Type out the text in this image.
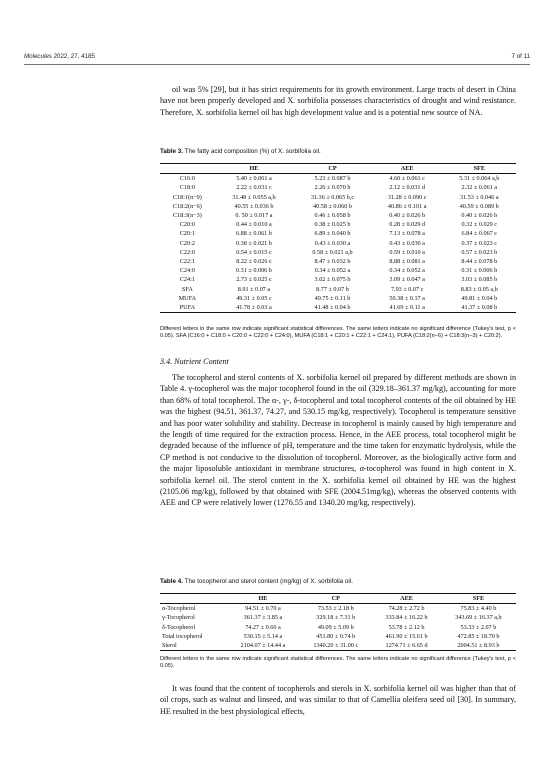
Molecules 2022, 27, 4185	7 of 11
oil was 5% [29], but it has strict requirements for its growth environment. Large tracts of desert in China have not been properly developed and X. sorbifolia possesses characteristics of drought and wind resistance. Therefore, X. sorbifolia kernel oil has high development value and is a potential new source of NA.
Table 3. The fatty acid composition (%) of X. sorbifolia oil.
	HE	CP	AEE	SFE
C16:0	5.40 ± 0.061 a	5.23 ± 0.087 b	4.60 ± 0.061 c	5.31 ± 0.064 a,b
C18:0	2.22 ± 0.031 c	2.26 ± 0.070 b	2.12 ± 0.031 d	2.32 ± 0.061 a
C18:1(n−9)	31.48 ± 0.055 a,b	31.36 ± 0.065 b,c	31.28 ± 0.090 c	31.53 ± 0.046 a
C18:2(n−6)	40.55 ± 0.036 b	40.58 ± 0.060 b	40.86 ± 0.101 a	40.59 ± 0.089 b
C18:3(n−3)	0. 50 ± 0.017 a	0.46 ± 0.058 b	0.40 ± 0.026 b	0.40 ± 0.026 b
C20:0	0.44 ± 0.010 a	0.38 ± 0.025 b	0.28 ± 0.029 d	0.32 ± 0.029 c
C20:1	6.88 ± 0.061 b	6.89 ± 0.040 b	7.13 ± 0.078 a	6.84 ± 0.067 c
C20:2	0.38 ± 0.021 b	0.43 ± 0.030 a	0.43 ± 0.030 a	0.37 ± 0.023 c
C22:0	0.54 ± 0.015 c	0.58 ± 0.021 a,b	0.59 ± 0.010 a	0.57 ± 0.023 b
C22:1	8.22 ± 0.026 c	8.47 ± 0.032 b	8.88 ± 0.081 a	8.44 ± 0.078 b
C24:0	0.31 ± 0.006 b	0.34 ± 0.052 a	0.34 ± 0.052 a	0.31 ± 0.006 b
C24:1	2.73 ± 0.025 c	3.02 ± 0.075 b	3.09 ± 0.047 a	3.03 ± 0.085 b
SFA	8.91 ± 0.07 a	8.77 ± 0.07 b	7.93 ± 0.07 c	8.83 ± 0.05 a,b
MUFA	49.31 ± 0.05 c	49.75 ± 0.11 b	50.38 ± 0.17 a	49.81 ± 0.04 b
PUFA	41.78 ± 0.03 a	41.48 ± 0.04 b	41.69 ± 0.11 a	41.37 ± 0.08 b
Different letters in the same row indicate significant statistical differences. The same letters indicate no significant difference (Tukey's test, p < 0.05). SFA (C16:0 + C18:0 + C20:0 + C22:0 + C24:0), MUFA (C18:1 + C20:1 + C22:1 + C24:1), PUFA (C18:2(n−6) + C18:3(n−3) + C20:2).
3.4. Nutrient Content
The tocopherol and sterol contents of X. sorbifolia kernel oil prepared by different methods are shown in Table 4. γ-tocopherol was the major tocopherol found in the oil (329.18–361.37 mg/kg), accounting for more than 68% of total tocopherol. The α-, γ-, δ-tocopherol and total tocopherol contents of the oil obtained by HE was the highest (94.51, 361.37, 74.27, and 530.15 mg/kg, respectively). Tocopherol is temperature sensitive and has poor water solubility and stability. Decrease in tocopherol is mainly caused by high temperature and the length of time required for the extraction process. Hence, in the AEE process, total tocopherol might be degraded because of the influence of pH, temperature and the time taken for enzymatic hydrolysis, while the CP method is not conducive to the dissolution of tocopherol. Moreover, as the biologically active form and the major liposoluble antioxidant in membrane structures, α-tocopherol was found in high content in X. sorbifolia kernel oil. The sterol content in the X. sorbifolia kernel oil obtained by HE was the highest (2105.06 mg/kg), followed by that obtained with SFE (2004.51mg/kg), whereas the observed contents with AEE and CP were relatively lower (1276.55 and 1340.20 mg/kg, respectively).
Table 4. The tocopherol and sterol content (mg/kg) of X. sorbifolia oil.
	HE	CP	AEE	SFE
α-Tocopherol	94.51 ± 0.70 a	73.53 ± 2.18 b	74.28 ± 2.72 b	75.83 ± 4.40 b
γ-Tocopherol	361.37 ± 3.85 a	329.18 ± 7.31 b	333.84 ± 16.22 b	343.69 ± 16.37 a,b
δ-Tocopherol	74.27 ± 0.60 a	49.09 ± 5.09 b	53.78 ± 2.12 b	53.33 ± 2.07 b
Total tocopherol	530.15 ± 5.14 a	451.80 ± 0.74 b	461.90 ± 15.61 b	472.85 ± 18.70 b
Sterol	2104.07 ± 14.44 a	1340.20 ± 31.00 c	1274.71 ± 6.65 d	2004.51 ± 8.93 b
Different letters in the same row indicate significant statistical differences. The same letters indicate no significant difference (Tukey's test, p < 0.05).
It was found that the content of tocopherols and sterols in X. sorbifolia kernel oil was higher than that of oil crops, such as walnut and linseed, and was similar to that of Camellia oleifera seed oil [30]. In summary, HE resulted in the best physiological effects,
